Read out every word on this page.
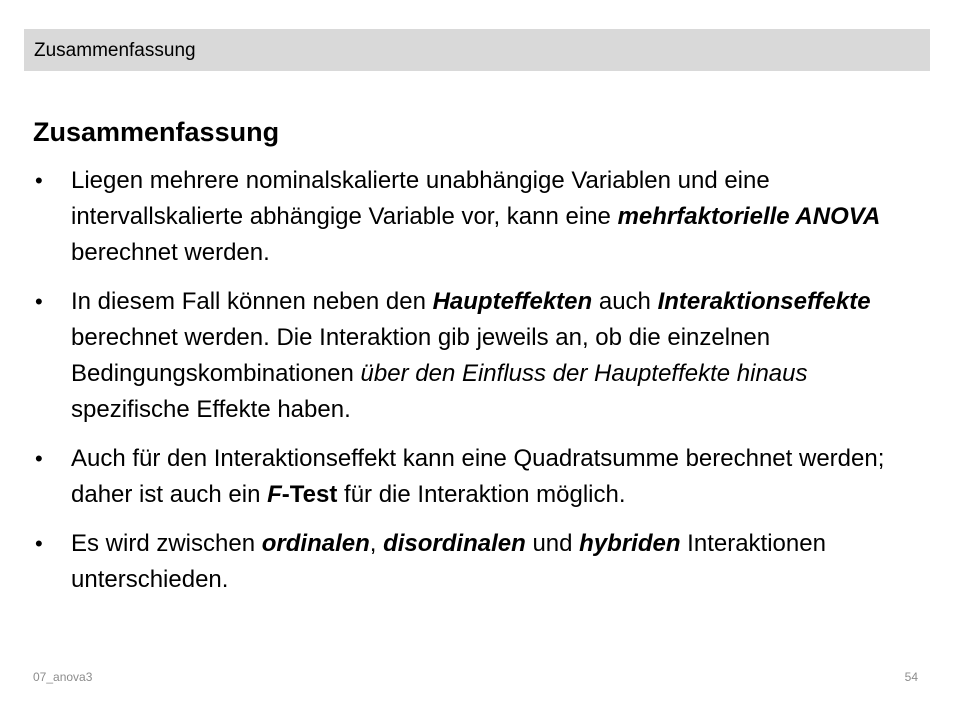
Zusammenfassung
Zusammenfassung
•	Liegen mehrere nominalskalierte unabhängige Variablen und eine intervallskalierte abhängige Variable vor, kann eine mehrfaktorielle ANOVA berechnet werden.
•	In diesem Fall können neben den Haupteffekten auch Interaktionseffekte berechnet werden. Die Interaktion gib jeweils an, ob die einzelnen Bedingungskombinationen über den Einfluss der Haupteffekte hinaus spezifische Effekte haben.
•	Auch für den Interaktionseffekt kann eine Quadratsumme berechnet werden; daher ist auch ein F-Test für die Interaktion möglich.
•	Es wird zwischen ordinalen, disordinalen und hybriden Interaktionen unterschieden.
07_anova3	54
